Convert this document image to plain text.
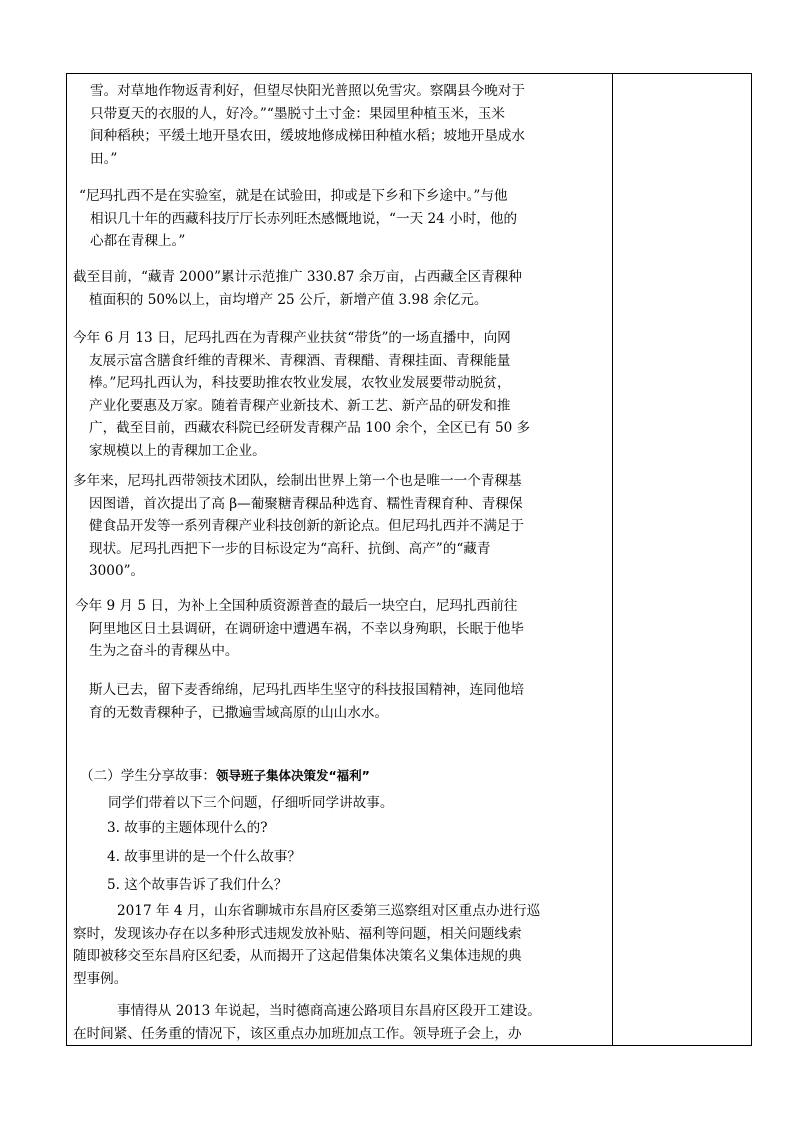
雪。对草地作物返青利好，但望尽快阳光普照以免雪灾。察隅县今晚对于
只带夏天的衣服的人，好冷。”“墨脱寸土寸金：果园里种植玉米，玉米
间种稻秧；平缓土地开垦农田，缓坡地修成梯田种植水稻；坡地开垦成水
田。”
“尼玛扎西不是在实验室，就是在试验田，抑或是下乡和下乡途中。”与他
相识几十年的西藏科技厅厅长赤列旺杰感慨地说，“一天 24 小时，他的
心都在青稞上。”
截至目前，“藏青 2000”累计示范推广 330.87 余万亩，占西藏全区青稞种
植面积的 50%以上，亩均增产 25 公斤，新增产值 3.98 余亿元。
今年 6 月 13 日，尼玛扎西在为青稞产业扶贫“带货”的一场直播中，向网
友展示富含膳食纤维的青稞米、青稞酒、青稞醋、青稞挂面、青稞能量
棒。”尼玛扎西认为，科技要助推农牧业发展，农牧业发展要带动脱贫，
产业化要惠及万家。随着青稞产业新技术、新工艺、新产品的研发和推
广，截至目前，西藏农科院已经研发青稞产品 100 余个，全区已有 50 多
家规模以上的青稞加工企业。
多年来，尼玛扎西带领技术团队，绘制出世界上第一个也是唯一一个青稞基
因图谱，首次提出了高 β—葡聚糖青稞品种选育、糯性青稞育种、青稞保
健食品开发等一系列青稞产业科技创新的新论点。但尼玛扎西并不满足于
现状。尼玛扎西把下一步的目标设定为“高秆、抗倒、高产”的“藏青
3000”。
今年 9 月 5 日，为补上全国种质资源普查的最后一块空白，尼玛扎西前往
阿里地区日土县调研，在调研途中遭遇车祸，不幸以身殉职，长眠于他毕
生为之奋斗的青稞丛中。
斯人已去，留下麦香绵绵，尼玛扎西毕生坚守的科技报国精神，连同他培
育的无数青稞种子，已撒遍雪域高原的山山水水。
（二）学生分享故事：领导班子集体决策发“福利”
同学们带着以下三个问题，仔细听同学讲故事。
3. 故事的主题体现什么的?
4. 故事里讲的是一个什么故事？
5. 这个故事告诉了我们什么？
2017 年 4 月，山东省聊城市东昌府区委第三巡察组对区重点办进行巡
察时，发现该办存在以多种形式违规发放补贴、福利等问题，相关问题线索
随即被移交至东昌府区纪委，从而揭开了这起借集体决策名义集体违规的典
型事例。
事情得从 2013 年说起，当时德商高速公路项目东昌府区段开工建设。
在时间紧、任务重的情况下，该区重点办加班加点工作。领导班子会上，办
